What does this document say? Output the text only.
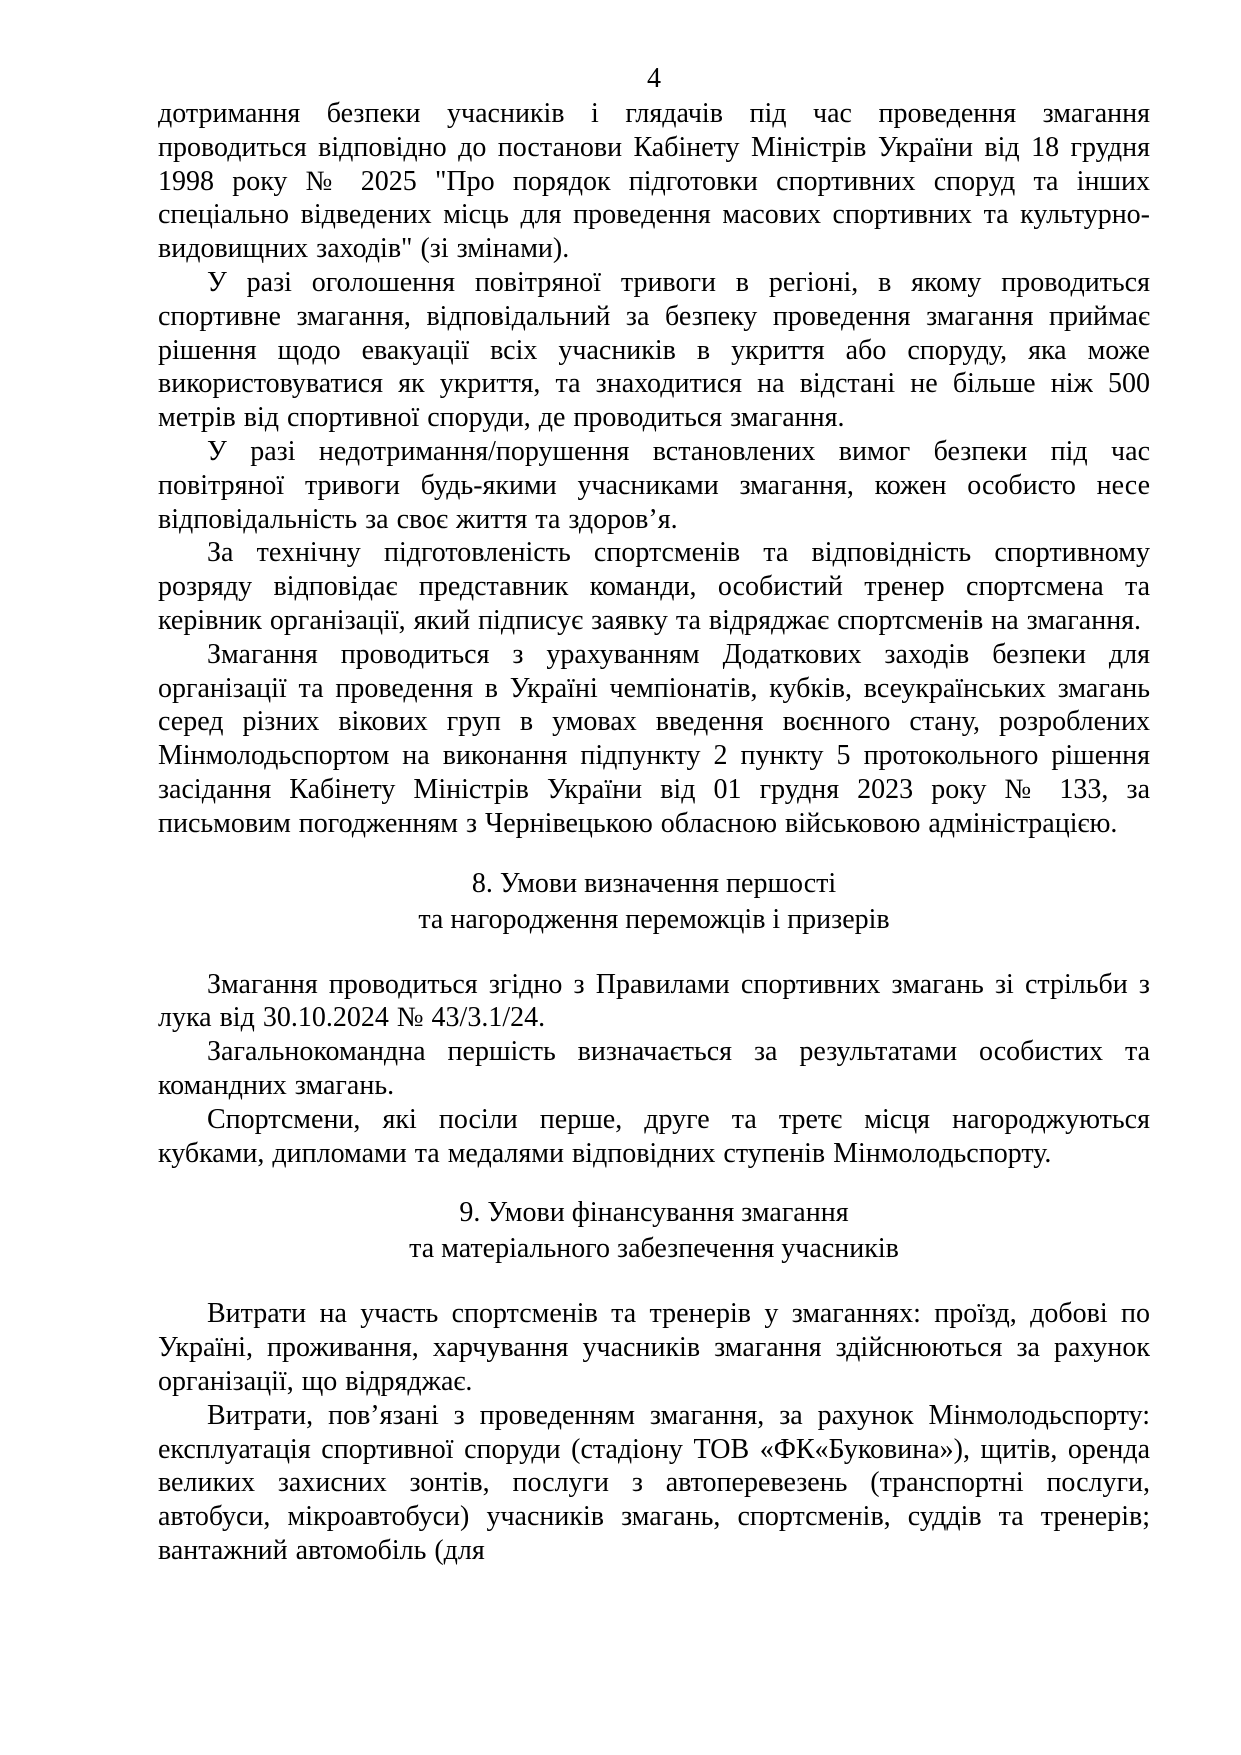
4

дотримання безпеки учасників і глядачів під час проведення змагання проводиться відповідно до постанови Кабінету Міністрів України від 18 грудня 1998 року № 2025 "Про порядок підготовки спортивних споруд та інших спеціально відведених місць для проведення масових спортивних та культурно-видовищних заходів" (зі змінами).

У разі оголошення повітряної тривоги в регіоні, в якому проводиться спортивне змагання, відповідальний за безпеку проведення змагання приймає рішення щодо евакуації всіх учасників в укриття або споруду, яка може використовуватися як укриття, та знаходитися на відстані не більше ніж 500 метрів від спортивної споруди, де проводиться змагання.

У разі недотримання/порушення встановлених вимог безпеки під час повітряної тривоги будь-якими учасниками змагання, кожен особисто несе відповідальність за своє життя та здоров’я.

За технічну підготовленість спортсменів та відповідність спортивному розряду відповідає представник команди, особистий тренер спортсмена та керівник організації, який підписує заявку та відряджає спортсменів на змагання.

Змагання проводиться з урахуванням Додаткових заходів безпеки для організації та проведення в Україні чемпіонатів, кубків, всеукраїнських змагань серед різних вікових груп в умовах введення воєнного стану, розроблених Мінмолодьспортом на виконання підпункту 2 пункту 5 протокольного рішення засідання Кабінету Міністрів України від 01 грудня 2023 року № 133, за письмовим погодженням з Чернівецькою обласною військовою адміністрацією.

8. Умови визначення першості
та нагородження переможців і призерів

Змагання проводиться згідно з Правилами спортивних змагань зі стрільби з лука від 30.10.2024 № 43/3.1/24.

Загальнокомандна першість визначається за результатами особистих та командних змагань.

Спортсмени, які посіли перше, друге та третє місця нагороджуються кубками, дипломами та медалями відповідних ступенів Мінмолодьспорту.

9. Умови фінансування змагання
та матеріального забезпечення учасників

Витрати на участь спортсменів та тренерів у змаганнях: проїзд, добові по Україні, проживання, харчування учасників змагання здійснюються за рахунок організації, що відряджає.

Витрати, пов’язані з проведенням змагання, за рахунок Мінмолодьспорту: експлуатація спортивної споруди (стадіону ТОВ «ФК«Буковина»), щитів, оренда великих захисних зонтів, послуги з автоперевезень (транспортні послуги, автобуси, мікроавтобуси) учасників змагань, спортсменів, суддів та тренерів; вантажний автомобіль (для
